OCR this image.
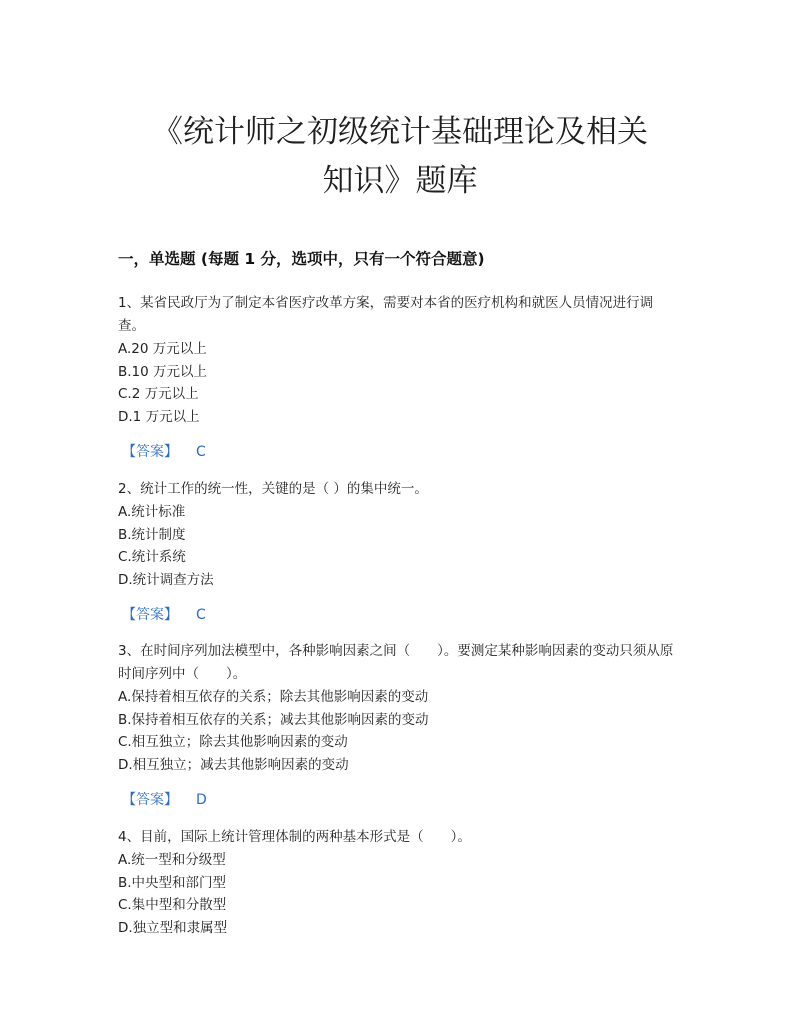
《统计师之初级统计基础理论及相关
知识》题库
一，单选题 (每题 1 分，选项中，只有一个符合题意)

1、某省民政厅为了制定本省医疗改革方案，需要对本省的医疗机构和就医人员情况进行调查。

A.20 万元以上
B.10 万元以上
C.2 万元以上
D.1 万元以上
【答案】 C

2、统计工作的统一性，关键的是（ ）的集中统一。

A.统计标准
B.统计制度
C.统计系统
D.统计调查方法
【答案】 C

3、在时间序列加法模型中，各种影响因素之间（　　）。要测定某种影响因素的变动只须从原时间序列中（　　）。

A.保持着相互依存的关系；除去其他影响因素的变动
B.保持着相互依存的关系；减去其他影响因素的变动
C.相互独立；除去其他影响因素的变动
D.相互独立；减去其他影响因素的变动
【答案】 D

4、目前，国际上统计管理体制的两种基本形式是（　　）。

A.统一型和分级型
B.中央型和部门型
C.集中型和分散型
D.独立型和隶属型
